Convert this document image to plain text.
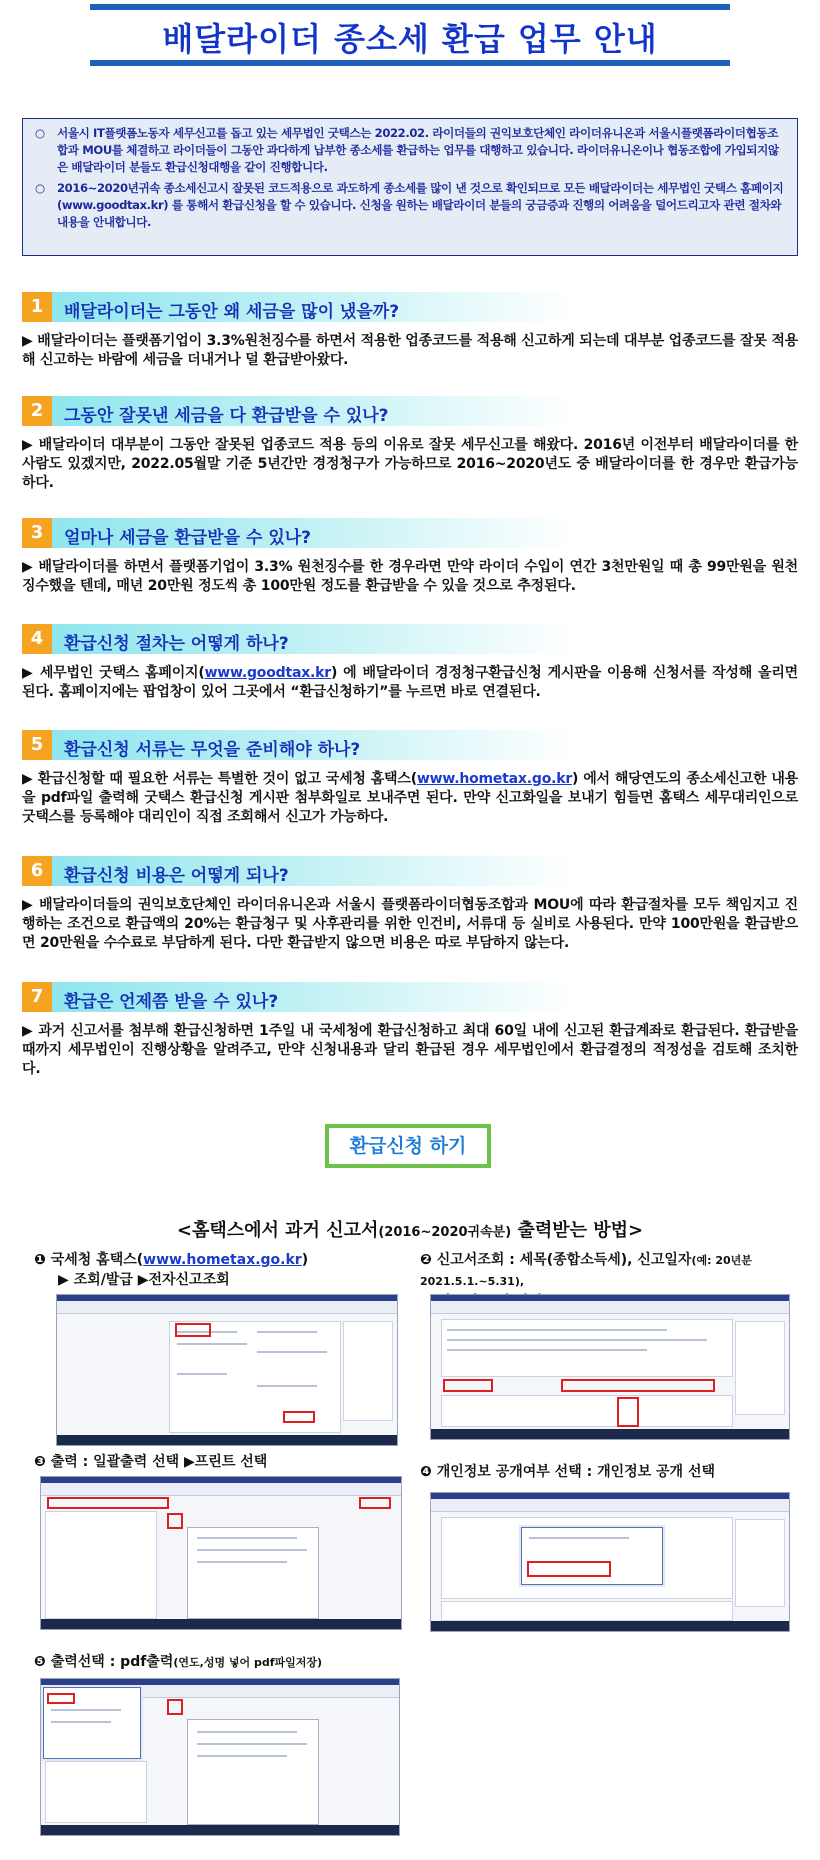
배달라이더 종소세 환급 업무 안내
○ 서울시 IT플랫폼노동자 세무신고를 돕고 있는 세무법인 굿택스는 2022.02. 라이더들의 권익보호단체인 라이더유니온과 서울시플랫폼라이더협동조합과 MOU를 체결하고 라이더들이 그동안 과다하게 납부한 종소세를 환급하는 업무를 대행하고 있습니다. 라이더유니온이나 협동조합에 가입되지않은 배달라이더 분들도 환급신청대행을 같이 진행합니다.
○ 2016~2020년귀속 종소세신고시 잘못된 코드적용으로 과도하게 종소세를 많이 낸 것으로 확인되므로 모든 배달라이더는 세무법인 굿택스 홈페이지(www.goodtax.kr) 를 통해서 환급신청을 할 수 있습니다. 신청을 원하는 배달라이더 분들의 궁금증과 진행의 어려움을 덜어드리고자 관련 절차와 내용을 안내합니다.
1	배달라이더는 그동안 왜 세금을 많이 냈을까?
▶ 배달라이더는 플랫폼기업이 3.3%원천징수를 하면서 적용한 업종코드를 적용해 신고하게 되는데 대부분 업종코드를 잘못 적용해 신고하는 바람에 세금을 더내거나 덜 환급받아왔다.
2	그동안 잘못낸 세금을 다 환급받을 수 있나?
▶ 배달라이더 대부분이 그동안 잘못된 업종코드 적용 등의 이유로 잘못 세무신고를 해왔다. 2016년 이전부터 배달라이더를 한 사람도 있겠지만, 2022.05월말 기준 5년간만 경정청구가 가능하므로 2016~2020년도 중 배달라이더를 한 경우만 환급가능하다.
3	얼마나 세금을 환급받을 수 있나?
▶ 배달라이더를 하면서 플랫폼기업이 3.3% 원천징수를 한 경우라면 만약 라이더 수입이 연간 3천만원일 때 총 99만원을 원천징수했을 텐데, 매년 20만원 정도씩 총 100만원 정도를 환급받을 수 있을 것으로 추정된다.
4	환급신청 절차는 어떻게 하나?
▶ 세무법인 굿택스 홈페이지(www.goodtax.kr) 에 배달라이더 경정청구환급신청 게시판을 이용해 신청서를 작성해 올리면 된다. 홈페이지에는 팝업창이 있어 그곳에서 “환급신청하기”를 누르면 바로 연결된다.
5	환급신청 서류는 무엇을 준비해야 하나?
▶ 환급신청할 때 필요한 서류는 특별한 것이 없고 국세청 홈택스(www.hometax.go.kr) 에서 해당연도의 종소세신고한 내용을 pdf파일 출력해 굿택스 환급신청 게시판 첨부화일로 보내주면 된다. 만약 신고화일을 보내기 힘들면 홈택스 세무대리인으로 굿택스를 등록해야 대리인이 직접 조회해서 신고가 가능하다.
6	환급신청 비용은 어떻게 되나?
▶ 배달라이더들의 권익보호단체인 라이더유니온과 서울시 플랫폼라이더협동조합과 MOU에 따라 환급절차를 모두 책임지고 진행하는 조건으로 환급액의 20%는 환급청구 및 사후관리를 위한 인건비, 서류대 등 실비로 사용된다. 만약 100만원을 환급받으면 20만원을 수수료로 부담하게 된다. 다만 환급받지 않으면 비용은 따로 부담하지 않는다.
7	환급은 언제쯤 받을 수 있나?
▶ 과거 신고서를 첨부해 환급신청하면 1주일 내 국세청에 환급신청하고 최대 60일 내에 신고된 환급계좌로 환급된다. 환급받을 때까지 세무법인이 진행상황을 알려주고, 만약 신청내용과 달리 환급된 경우 세무법인에서 환급결정의 적정성을 검토해 조치한다.
환급신청 하기
<홈택스에서 과거 신고서(2016~2020귀속분) 출력받는 방법>
❶ 국세청 홈택스(www.hometax.go.kr)
▶ 조회/발급 ▶전자신고조회
❷ 신고서조회 : 세목(종합소득세), 신고일자(예: 20년분 2021.5.1.~5.31),

❸ 출력 : 일괄출력 선택 ▶프린트 선택
❹ 개인정보 공개여부 선택 : 개인정보 공개 선택
❺ 출력선택 : pdf출력(연도,성명 넣어 pdf파일저장)
